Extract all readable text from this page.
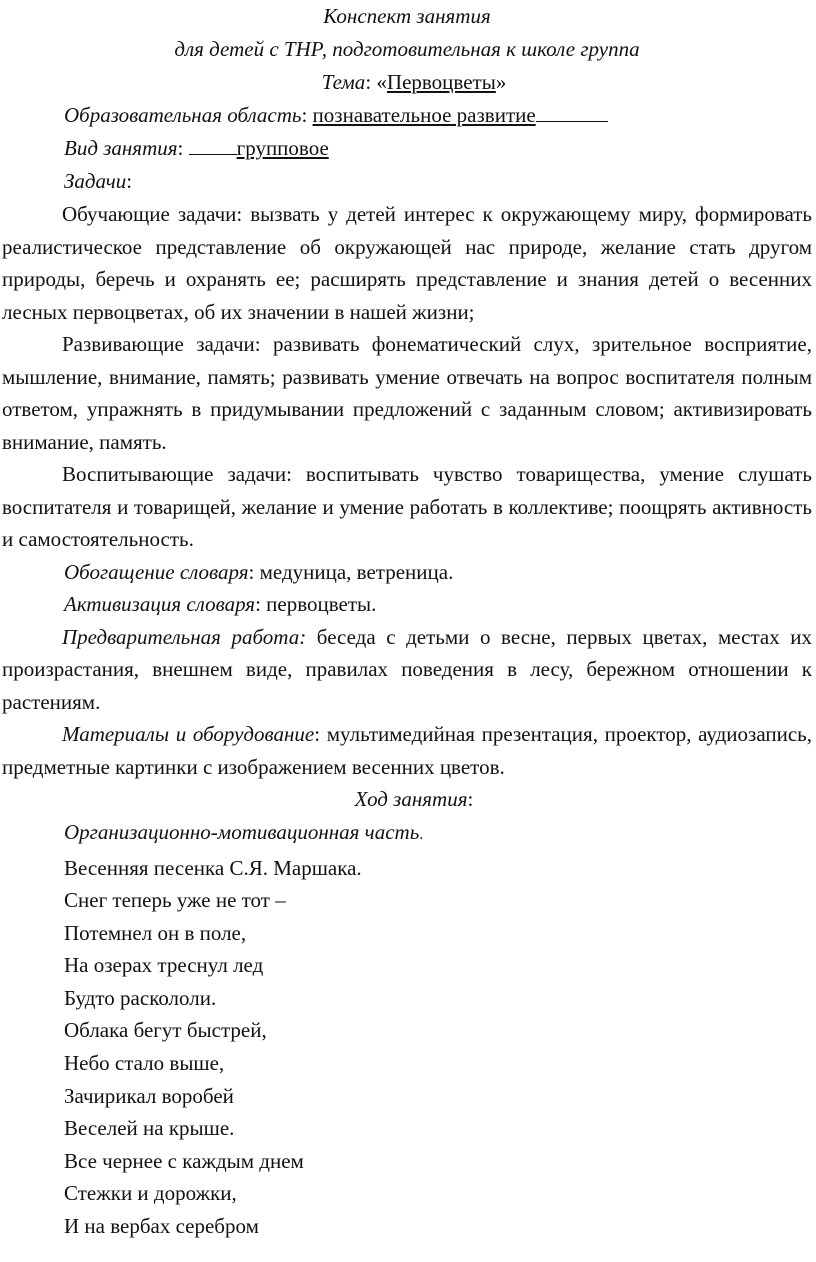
Конспект занятия
для детей с ТНР, подготовительная к школе группа
Тема: «Первоцветы»
Образовательная область: познавательное развитие
Вид занятия: групповое
Задачи:

Обучающие задачи: вызвать у детей интерес к окружающему миру, формировать реалистическое представление об окружающей нас природе, желание стать другом природы, беречь и охранять ее; расширять представление и знания детей о весенних лесных первоцветах, об их значении в нашей жизни;

Развивающие задачи: развивать фонематический слух, зрительное восприятие, мышление, внимание, память; развивать умение отвечать на вопрос воспитателя полным ответом, упражнять в придумывании предложений с заданным словом; активизировать внимание, память.

Воспитывающие задачи: воспитывать чувство товарищества, умение слушать воспитателя и товарищей, желание и умение работать в коллективе; поощрять активность и самостоятельность.

Обогащение словаря: медуница, ветреница.
Активизация словаря: первоцветы.

Предварительная работа: беседа с детьми о весне, первых цветах, местах их произрастания, внешнем виде, правилах поведения в лесу, бережном отношении к растениям.

Материалы и оборудование: мультимедийная презентация, проектор, аудиозапись, предметные картинки с изображением весенних цветов.

Ход занятия:
Организационно-мотивационная часть.
Весенняя песенка С.Я. Маршака.
Снег теперь уже не тот –
Потемнел он в поле,
На озерах треснул лед
Будто раскололи.
Облака бегут быстрей,
Небо стало выше,
Зачирикал воробей
Веселей на крыше.
Все чернее с каждым днем
Стежки и дорожки,
И на вербах серебром
